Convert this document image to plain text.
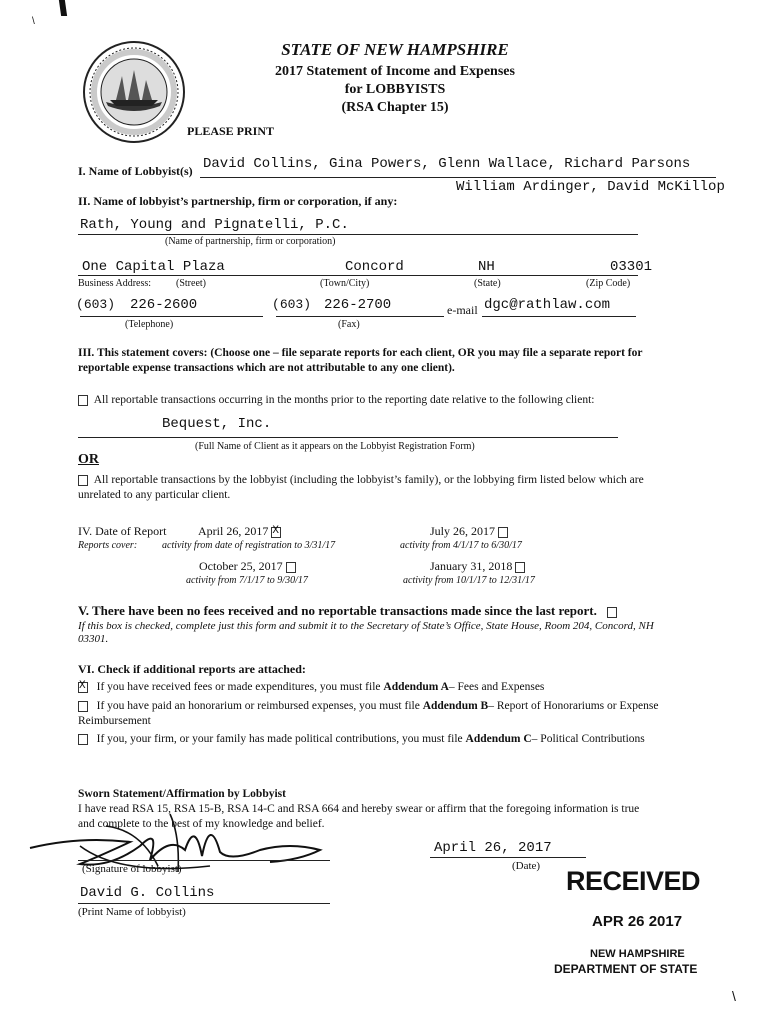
\
\
STATE OF NEW HAMPSHIRE
2017 Statement of Income and Expenses
for LOBBYISTS
(RSA Chapter 15)
PLEASE PRINT
I. Name of Lobbyist(s) David Collins, Gina Powers, Glenn Wallace, Richard Parsons
William Ardinger, David McKillop
II. Name of lobbyist’s partnership, firm or corporation, if any:
Rath, Young and Pignatelli, P.C.
(Name of partnership, firm or corporation)
One Capital Plaza	Concord	NH	03301
Business Address: (Street)	(Town/City)	(State)	(Zip Code)
(603) 226-2600	(603) 226-2700	e-mail dgc@rathlaw.com
(Telephone)	(Fax)
III. This statement covers: (Choose one – file separate reports for each client, OR you may file a separate report for reportable expense transactions which are not attributable to any one client).
All reportable transactions occurring in the months prior to the reporting date relative to the following client:
Bequest, Inc.
(Full Name of Client as it appears on the Lobbyist Registration Form)
OR
All reportable transactions by the lobbyist (including the lobbyist’s family), or the lobbying firm listed below which are unrelated to any particular client.
IV. Date of Report
Reports cover:
April 26, 2017 X
activity from date of registration to 3/31/17
July 26, 2017
activity from 4/1/17 to 6/30/17
October 25, 2017
activity from 7/1/17 to 9/30/17
January 31, 2018
activity from 10/1/17 to 12/31/17
V. There have been no fees received and no reportable transactions made since the last report.
If this box is checked, complete just this form and submit it to the Secretary of State’s Office, State House, Room 204, Concord, NH 03301.
VI. Check if additional reports are attached:
X   If you have received fees or made expenditures, you must file Addendum A– Fees and Expenses
If you have paid an honorarium or reimbursed expenses, you must file Addendum B– Report of Honorariums or Expense Reimbursement
If you, your firm, or your family has made political contributions, you must file Addendum C– Political Contributions
Sworn Statement/Affirmation by Lobbyist
I have read RSA 15, RSA 15-B, RSA 14-C and RSA 664 and hereby swear or affirm that the foregoing information is true
and complete to the best of my knowledge and belief.
(Signature of lobbyist)
April 26, 2017
(Date)
David G. Collins
(Print Name of lobbyist)
RECEIVED
APR 26 2017
NEW HAMPSHIRE
DEPARTMENT OF STATE
